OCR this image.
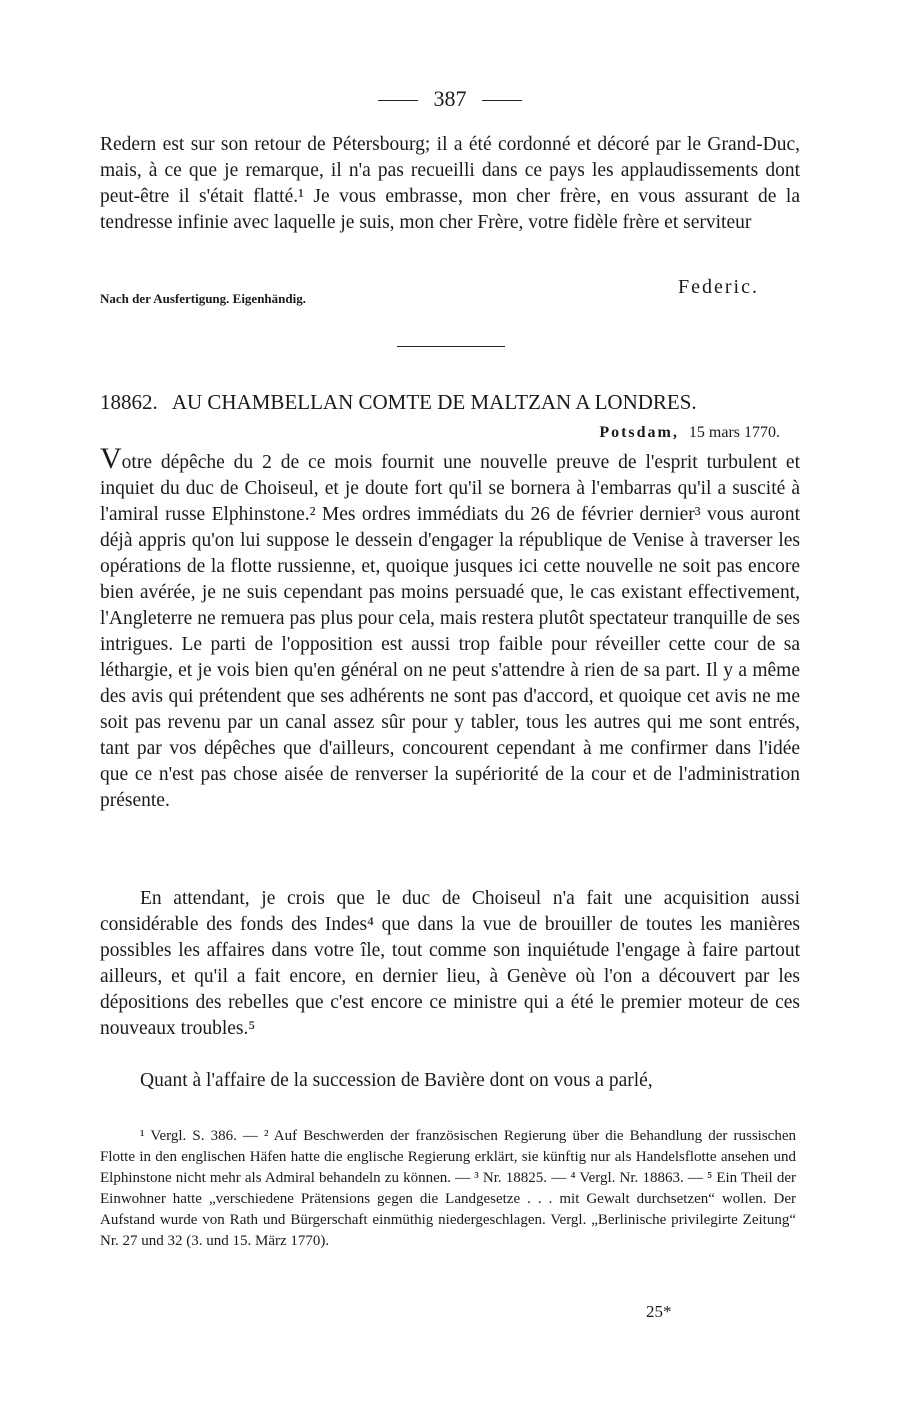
387
Redern est sur son retour de Pétersbourg; il a été cordonné et décoré par le Grand-Duc, mais, à ce que je remarque, il n'a pas recueilli dans ce pays les applaudissements dont peut-être il s'était flatté.¹ Je vous embrasse, mon cher frère, en vous assurant de la tendresse infinie avec laquelle je suis, mon cher Frère, votre fidèle frère et serviteur
Nach der Ausfertigung. Eigenhändig.
Federic.
18862. AU CHAMBELLAN COMTE DE MALTZAN A LONDRES.
Potsdam, 15 mars 1770.
Votre dépêche du 2 de ce mois fournit une nouvelle preuve de l'esprit turbulent et inquiet du duc de Choiseul, et je doute fort qu'il se bornera à l'embarras qu'il a suscité à l'amiral russe Elphinstone.² Mes ordres immédiats du 26 de février dernier³ vous auront déjà appris qu'on lui suppose le dessein d'engager la république de Venise à traverser les opérations de la flotte russienne, et, quoique jusques ici cette nouvelle ne soit pas encore bien avérée, je ne suis cependant pas moins persuadé que, le cas existant effectivement, l'Angleterre ne remuera pas plus pour cela, mais restera plutôt spectateur tranquille de ses intrigues. Le parti de l'opposition est aussi trop faible pour réveiller cette cour de sa léthargie, et je vois bien qu'en général on ne peut s'attendre à rien de sa part. Il y a même des avis qui prétendent que ses adhérents ne sont pas d'accord, et quoique cet avis ne me soit pas revenu par un canal assez sûr pour y tabler, tous les autres qui me sont entrés, tant par vos dépêches que d'ailleurs, concourent cependant à me confirmer dans l'idée que ce n'est pas chose aisée de renverser la supériorité de la cour et de l'administration présente.
En attendant, je crois que le duc de Choiseul n'a fait une acquisition aussi considérable des fonds des Indes⁴ que dans la vue de brouiller de toutes les manières possibles les affaires dans votre île, tout comme son inquiétude l'engage à faire partout ailleurs, et qu'il a fait encore, en dernier lieu, à Genève où l'on a découvert par les dépositions des rebelles que c'est encore ce ministre qui a été le premier moteur de ces nouveaux troubles.⁵
Quant à l'affaire de la succession de Bavière dont on vous a parlé,
¹ Vergl. S. 386. — ² Auf Beschwerden der französischen Regierung über die Behandlung der russischen Flotte in den englischen Häfen hatte die englische Regierung erklärt, sie künftig nur als Handelsflotte ansehen und Elphinstone nicht mehr als Admiral behandeln zu können. — ³ Nr. 18825. — ⁴ Vergl. Nr. 18863. — ⁵ Ein Theil der Einwohner hatte „verschiedene Prätensions gegen die Landgesetze . . . mit Gewalt durchsetzen“ wollen. Der Aufstand wurde von Rath und Bürgerschaft einmüthig niedergeschlagen. Vergl. „Berlinische privilegirte Zeitung“ Nr. 27 und 32 (3. und 15. März 1770).
25*
